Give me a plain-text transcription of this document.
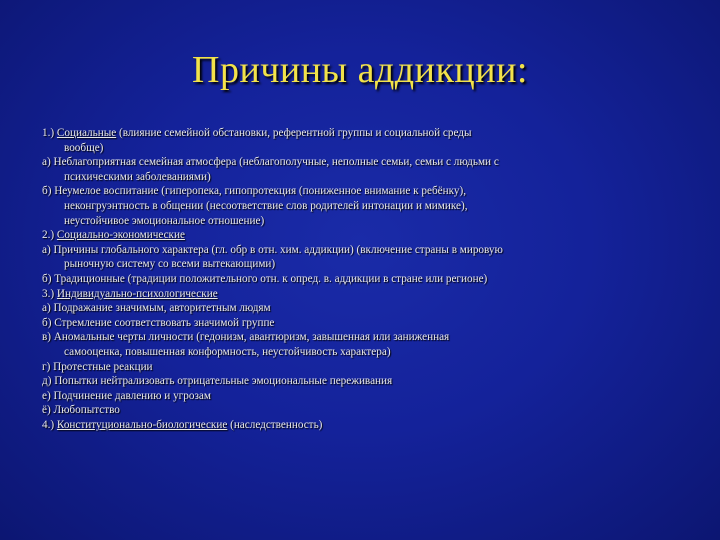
Причины аддикции:
1.) Социальные (влияние семейной обстановки, референтной группы и социальной среды
вообще)
а) Неблагоприятная семейная атмосфера (неблагополучные, неполные семьи, семьи с людьми с
психическими заболеваниями)
б) Неумелое воспитание (гиперопека, гипопротекция (пониженное внимание к ребёнку),
неконгруэнтность в общении (несоответствие слов родителей интонации и мимике),
неустойчивое эмоциональное отношение)
2.) Социально-экономические
а) Причины глобального характера (гл. обр в отн. хим. аддикции) (включение страны в мировую
рыночную систему со всеми вытекающими)
б) Традиционные (традиции положительного отн. к опред. в. аддикции в стране или регионе)
3.) Индивидуально-психологические
а) Подражание значимым, авторитетным людям
б) Стремление соответствовать значимой группе
в) Аномальные черты личности (гедонизм, авантюризм, завышенная или заниженная
самооценка, повышенная конформность, неустойчивость характера)
г) Протестные реакции
д) Попытки нейтрализовать отрицательные эмоциональные переживания
е) Подчинение давлению и угрозам
ё) Любопытство
4.) Конституционально-биологические (наследственность)
